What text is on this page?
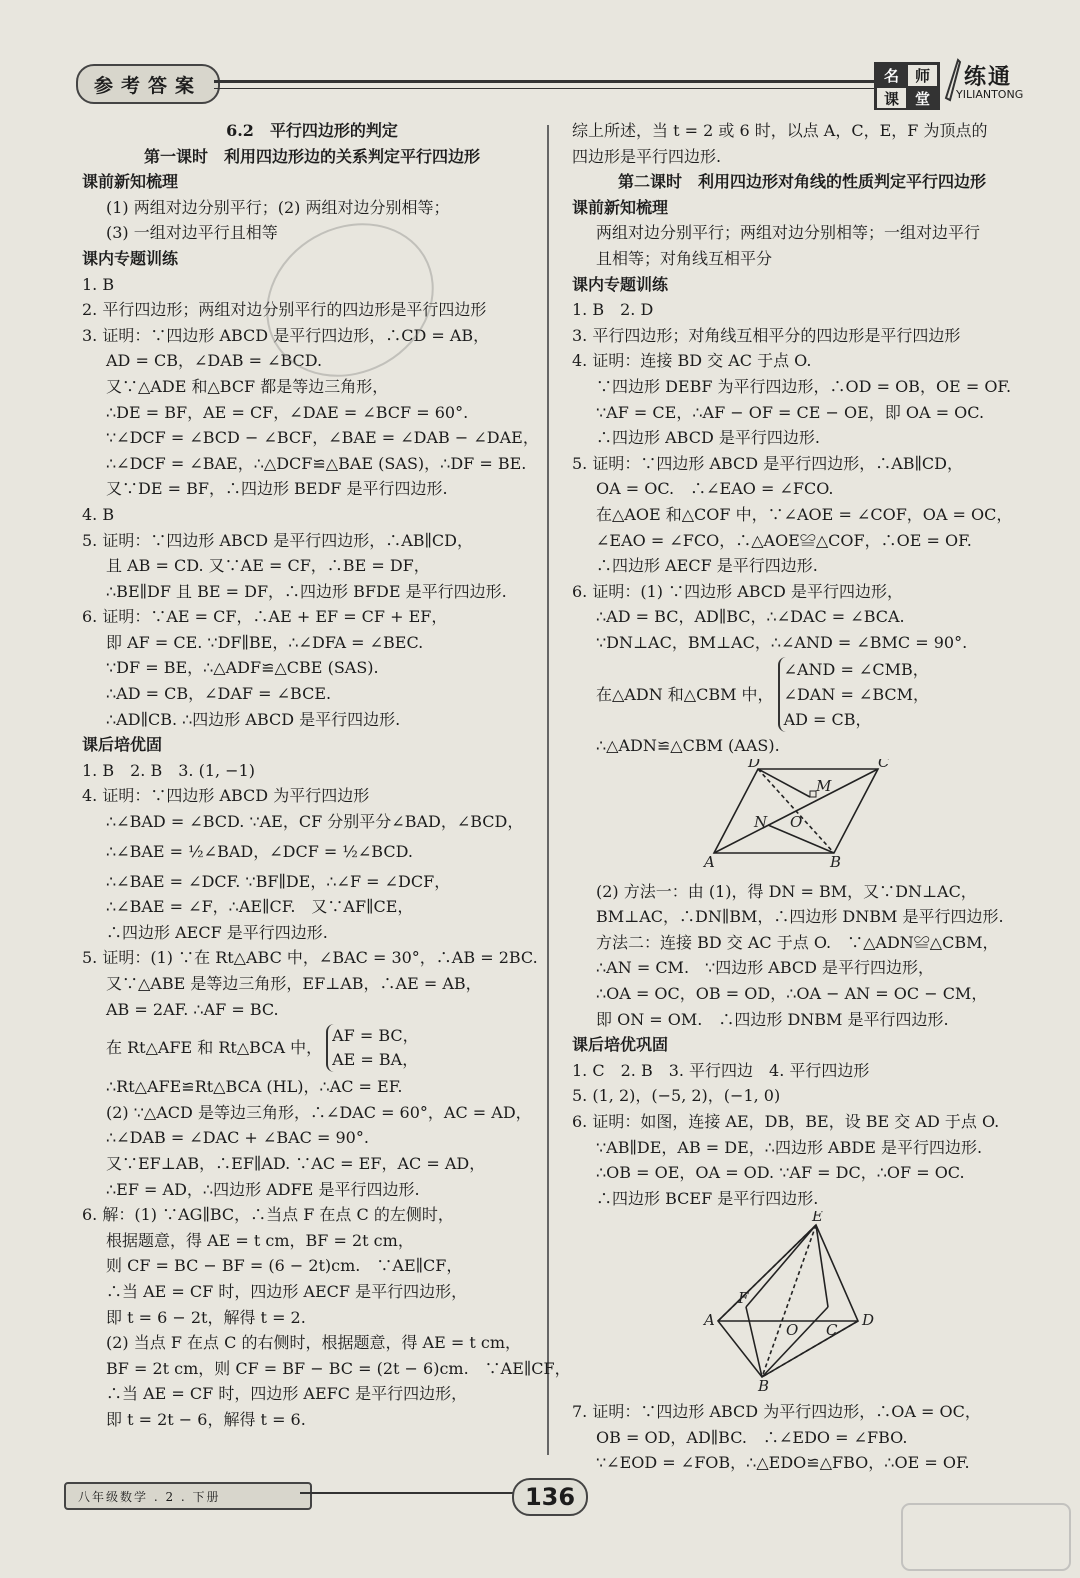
参考答案	名	师
课	堂
练通
YILIANTONG
6.2　平行四边形的判定
第一课时　利用四边形边的关系判定平行四边形
课前新知梳理
(1) 两组对边分别平行；(2) 两组对边分别相等；
(3) 一组对边平行且相等
课内专题训练
1. B
2. 平行四边形；两组对边分别平行的四边形是平行四边形
3. 证明：∵四边形 ABCD 是平行四边形，∴CD = AB，
AD = CB，∠DAB = ∠BCD.
又∵△ADE 和△BCF 都是等边三角形，
∴DE = BF，AE = CF，∠DAE = ∠BCF = 60°.
∵∠DCF = ∠BCD − ∠BCF，∠BAE = ∠DAB − ∠DAE，
∴∠DCF = ∠BAE，∴△DCF≌△BAE (SAS)，∴DF = BE.
又∵DE = BF，∴四边形 BEDF 是平行四边形.
4. B
5. 证明：∵四边形 ABCD 是平行四边形，∴AB∥CD，
且 AB = CD. 又∵AE = CF，∴BE = DF，
∴BE∥DF 且 BE = DF，∴四边形 BFDE 是平行四边形.
6. 证明：∵AE = CF，∴AE + EF = CF + EF，
即 AF = CE. ∵DF∥BE，∴∠DFA = ∠BEC.
∵DF = BE，∴△ADF≌△CBE (SAS).
∴AD = CB，∠DAF = ∠BCE.
∴AD∥CB. ∴四边形 ABCD 是平行四边形.
课后培优固
1. B　2. B　3. (1, −1)
4. 证明：∵四边形 ABCD 为平行四边形
∴∠BAD = ∠BCD. ∵AE，CF 分别平分∠BAD，∠BCD，
∴∠BAE = ½∠BAD，∠DCF = ½∠BCD.
∴∠BAE = ∠DCF. ∵BF∥DE，∴∠F = ∠DCF，
∴∠BAE = ∠F，∴AE∥CF.　又∵AF∥CE，
∴四边形 AECF 是平行四边形.
5. 证明：(1) ∵在 Rt△ABC 中，∠BAC = 30°，∴AB = 2BC.
又∵△ABE 是等边三角形，EF⊥AB，∴AE = AB，
AB = 2AF. ∴AF = BC.
在 Rt△AFE 和 Rt△BCA 中，
AF = BC，
AE = BA，
∴Rt△AFE≌Rt△BCA (HL)，∴AC = EF.
(2) ∵△ACD 是等边三角形，∴∠DAC = 60°，AC = AD，
∴∠DAB = ∠DAC + ∠BAC = 90°.
又∵EF⊥AB，∴EF∥AD. ∵AC = EF，AC = AD，
∴EF = AD，∴四边形 ADFE 是平行四边形.
6. 解：(1) ∵AG∥BC，∴当点 F 在点 C 的左侧时，
根据题意，得 AE = t cm，BF = 2t cm，
则 CF = BC − BF = (6 − 2t)cm.　∵AE∥CF，
∴当 AE = CF 时，四边形 AECF 是平行四边形，
即 t = 6 − 2t，解得 t = 2.
(2) 当点 F 在点 C 的右侧时，根据题意，得 AE = t cm，
BF = 2t cm，则 CF = BF − BC = (2t − 6)cm.　∵AE∥CF，
∴当 AE = CF 时，四边形 AEFC 是平行四边形，
即 t = 2t − 6，解得 t = 6.
综上所述，当 t = 2 或 6 时，以点 A，C，E，F 为顶点的
四边形是平行四边形.
第二课时　利用四边形对角线的性质判定平行四边形
课前新知梳理
两组对边分别平行；两组对边分别相等；一组对边平行
且相等；对角线互相平分
课内专题训练
1. B　2. D
3. 平行四边形；对角线互相平分的四边形是平行四边形
4. 证明：连接 BD 交 AC 于点 O.
∵四边形 DEBF 为平行四边形，∴OD = OB，OE = OF.
∵AF = CE，∴AF − OF = CE − OE，即 OA = OC.
∴四边形 ABCD 是平行四边形.
5. 证明：∵四边形 ABCD 是平行四边形，∴AB∥CD，
OA = OC.　∴∠EAO = ∠FCO.
在△AOE 和△COF 中，∵∠AOE = ∠COF，OA = OC，
∠EAO = ∠FCO，∴△AOE≌△COF，∴OE = OF.
∴四边形 AECF 是平行四边形.
6. 证明：(1) ∵四边形 ABCD 是平行四边形，
∴AD = BC，AD∥BC，∴∠DAC = ∠BCA.
∵DN⊥AC，BM⊥AC，∴∠AND = ∠BMC = 90°.
在△ADN 和△CBM 中，
∠AND = ∠CMB，
∠DAN = ∠BCM，
AD = CB，
∴△ADN≌△CBM (AAS).
D	C
A	B
M
N O
(2) 方法一：由 (1)，得 DN = BM，又∵DN⊥AC，
BM⊥AC，∴DN∥BM，∴四边形 DNBM 是平行四边形.
方法二：连接 BD 交 AC 于点 O.　∵△ADN≌△CBM，
∴AN = CM.　∵四边形 ABCD 是平行四边形，
∴OA = OC，OB = OD，∴OA − AN = OC − CM，
即 ON = OM.　∴四边形 DNBM 是平行四边形.
课后培优巩固
1. C　2. B　3. 平行四边　4. 平行四边形
5. (1, 2)，(−5, 2)，(−1, 0)
6. 证明：如图，连接 AE，DB，BE，设 BE 交 AD 于点 O.
∵AB∥DE，AB = DE，∴四边形 ABDE 是平行四边形.
∴OB = OE，OA = OD. ∵AF = DC，∴OF = OC.
∴四边形 BCEF 是平行四边形.
E
A
F
O C
D
B
7. 证明：∵四边形 ABCD 为平行四边形，∴OA = OC，
OB = OD，AD∥BC.　∴∠EDO = ∠FBO.
∵∠EOD = ∠FOB，∴△EDO≌△FBO，∴OE = OF.
八年级数学 . 2 . 下册	136
